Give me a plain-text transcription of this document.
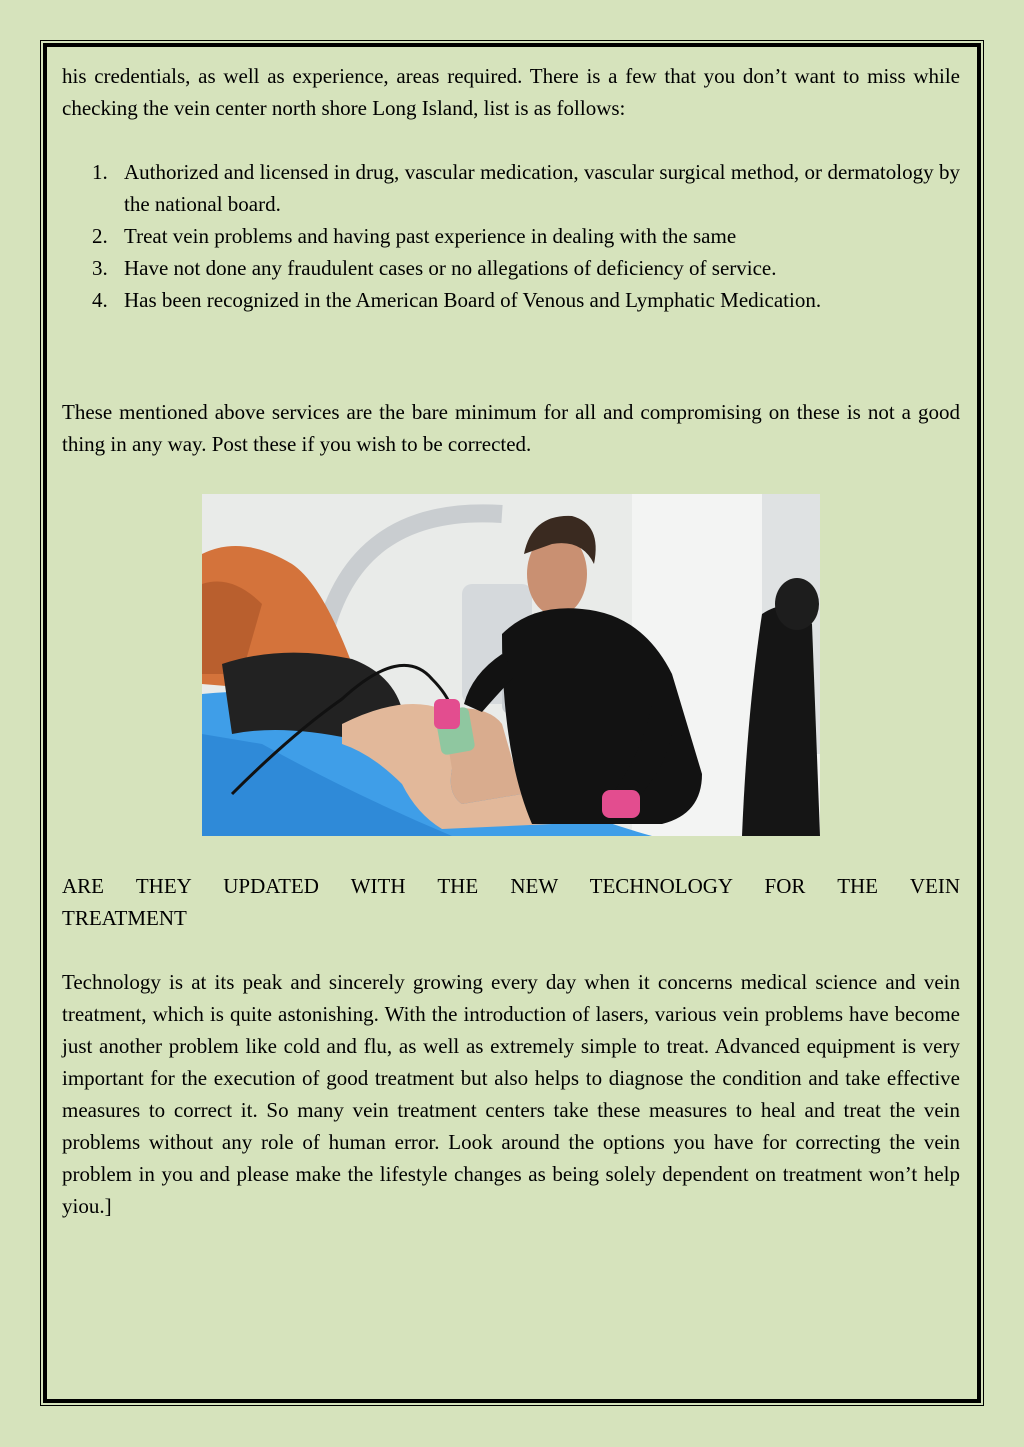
his credentials, as well as experience, areas required. There is a few that you don’t want to miss while checking the vein center north shore Long Island, list is as follows:

1. Authorized and licensed in drug, vascular medication, vascular surgical method, or dermatology by the national board.
2. Treat vein problems and having past experience in dealing with the same
3. Have not done any fraudulent cases or no allegations of deficiency of service.
4. Has been recognized in the American Board of Venous and Lymphatic Medication.

These mentioned above services are the bare minimum for all and compromising on these is not a good thing in any way. Post these if you wish to be corrected.

ARE THEY UPDATED WITH THE NEW TECHNOLOGY FOR THE VEIN
TREATMENT

Technology is at its peak and sincerely growing every day when it concerns medical science and vein treatment, which is quite astonishing. With the introduction of lasers, various vein problems have become just another problem like cold and flu, as well as extremely simple to treat. Advanced equipment is very important for the execution of good treatment but also helps to diagnose the condition and take effective measures to correct it. So many vein treatment centers take these measures to heal and treat the vein problems without any role of human error. Look around the options you have for correcting the vein problem in you and please make the lifestyle changes as being solely dependent on treatment won’t help yiou.]
